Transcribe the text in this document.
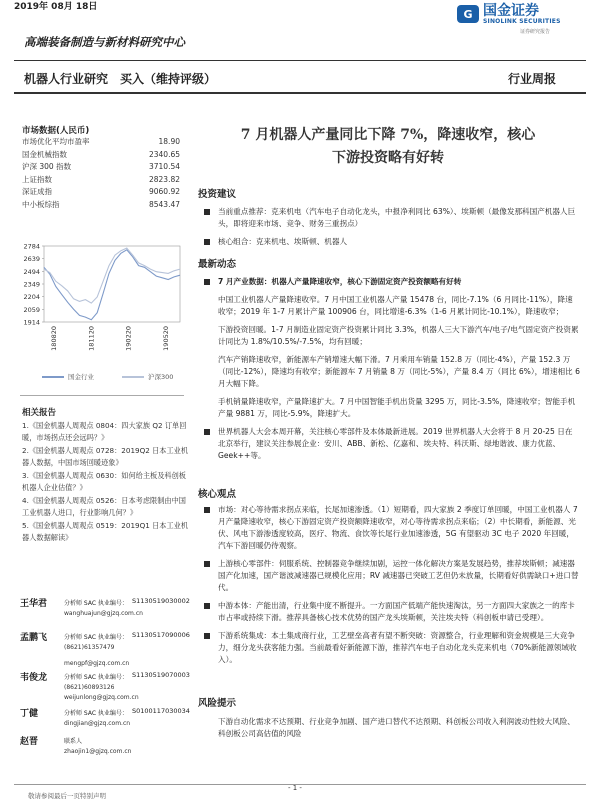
2019年 08月 18日
高端装备制造与新材料研究中心
G 国金证券
SINOLINK SECURITIES
证券研究报告
机器人行业研究　买入（维持评级）	行业周报
市场数据(人民币)
市场优化平均市盈率	18.90
国金机械指数	2340.65
沪深 300 指数	3710.54
上证指数	2823.82
深证成指	9060.92
中小板综指	8543.47
2784
2639
2494
2349
2204
2059
1914
180820	181120	190220	190520
国金行业	沪深300
相关报告
1.《国金机器人周观点 0804：四大家族 Q2 订单回暖，市场拐点还会远吗？》
2.《国金机器人周观点 0728：2019Q2 日本工业机器人数据，中国市场回暖迹象》
3.《国金机器人周观点 0630：如何给主板及科创板机器人企业估值？》
4.《国金机器人周观点 0526：日本考虑限制由中国工业机器人进口，行业影响几何？》
5.《国金机器人周观点 0519：2019Q1 日本工业机器人数据解读》
王华君	分析师 SAC 执业编号： S1130519030002
wanghuajun@gjzq.com.cn
孟鹏飞	分析师 SAC 执业编号： S1130517090006
(8621)61357479
mengpf@gjzq.com.cn
韦俊龙	分析师 SAC 执业编号： S1130519070003
(8621)60893126
weijunlong@gjzq.com.cn
丁健	分析师 SAC 执业编号： S0100117030034
dingjian@gjzq.com.cn
赵晋	联系人
zhaojin1@gjzq.com.cn
7 月机器人产量同比下降 7%，降速收窄，核心
下游投资略有好转
投资建议
当前重点推荐：克来机电（汽车电子自动化龙头，中报净利同比 63%）、埃斯顿（最像发那科国产机器人巨头，即将迎来市场、竞争、财务三重拐点）
核心组合：克来机电、埃斯顿、机器人
最新动态
7 月产业数据：机器人产量降速收窄，核心下游固定资产投资额略有好转
中国工业机器人产量降速收窄。7 月中国工业机器人产量 15478 台，同比-7.1%（6 月同比-11%），降速收窄；2019 年 1-7 月累计产量 100906 台，同比增速-6.3%（1-6 月累计同比-10.1%），降速收窄；
下游投资回暖。1-7 月制造业固定资产投资累计同比 3.3%，机器人三大下游汽车/电子/电气固定资产投资累计同比为 1.8%/10.5%/-7.5%，均有回暖；
汽车产销降速收窄，新能源车产销增速大幅下滑。7 月乘用车销量 152.8 万（同比-4%），产量 152.3 万（同比-12%），降速均有收窄；新能源车 7 月销量 8 万（同比-5%），产量 8.4 万（同比 6%），增速相比 6 月大幅下降。
手机销量降速收窄，产量降速扩大。7 月中国智能手机出货量 3295 万，同比-3.5%，降速收窄；智能手机产量 9881 万，同比-5.9%，降速扩大。
世界机器人大会本周开幕，关注核心零部件及本体最新进展。2019 世界机器人大会将于 8 月 20-25 日在北京举行，建议关注参展企业：安川、ABB、新松、亿嘉和、埃夫特、科沃斯、绿地谐波、康力优蓝、Geek++等。
核心观点
市场：对心等待需求拐点来临，长尾加速渗透。（1）短期看，四大家族 2 季度订单回暖，中国工业机器人 7 月产量降速收窄，核心下游固定资产投资额降速收窄，对心等待需求拐点来临；（2）中长期看，新能源、光伏、风电下游渗透度较高，医疗、物流、食饮等长尾行业加速渗透，5G 有望驱动 3C 电子 2020 年回暖，汽车下游回暖仍待观察。
上游核心零部件：伺服系统、控制器竞争继续加剧，运控一体化解决方案是发展趋势，推荐埃斯顿；减速器国产化加速，国产谐波减速器已规模化应用；RV 减速器已突破工艺但仍未放量，长期看好供需缺口+进口替代。
中游本体：产能出清，行业集中度不断提升。一方面国产低端产能快速淘汰，另一方面四大家族之一的库卡市占率或持续下滑。推荐具备核心技术优势的国产龙头埃斯顿，关注埃夫特（科创板申请已受理）。
下游系统集成：本土集成商行业，工艺壁垒高者有望不断突破：资源整合，行业理解和资金规模是三大竞争力，细分龙头获客能力强。当前最看好新能源下游，推荐汽车电子自动化龙头克来机电（70%新能源领域收入）。
风险提示
下游自动化需求不达预期、行业竞争加剧、国产进口替代不达预期、科创板公司收入利润波动性较大风险、科创板公司高估值的风险
- 1 -
敬请参阅最后一页特别声明
